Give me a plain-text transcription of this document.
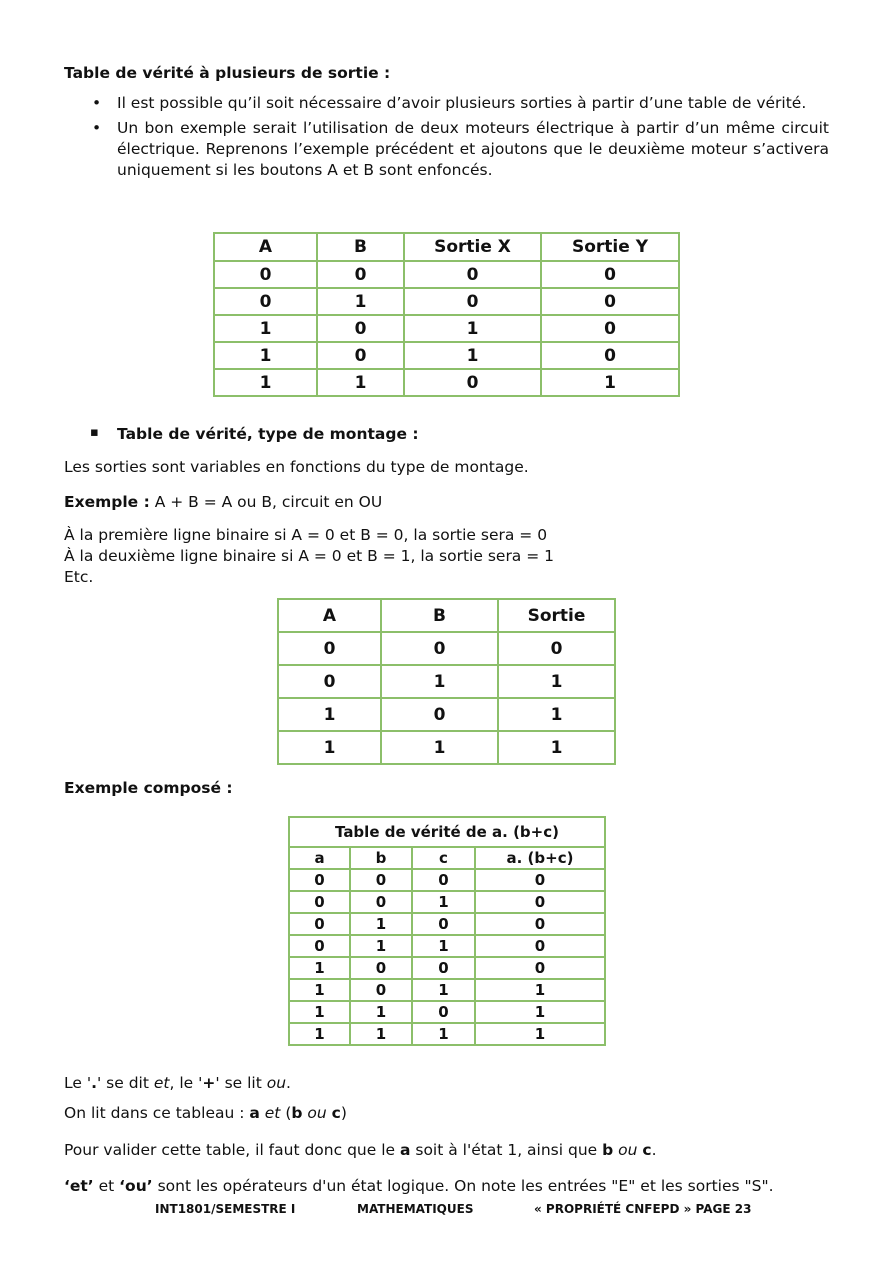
Table de vérité à plusieurs de sortie :
• Il est possible qu’il soit nécessaire d’avoir plusieurs sorties à partir d’une table de vérité.
• Un bon exemple serait l’utilisation de deux moteurs électrique à partir d’un même circuit électrique. Reprenons l’exemple précédent et ajoutons que le deuxième moteur s’activera uniquement si les boutons A et B sont enfoncés.
A	B	Sortie X	Sortie Y
0	0	0	0
0	1	0	0
1	0	1	0
1	0	1	0
1	1	0	1
▪ Table de vérité, type de montage :
Les sorties sont variables en fonctions du type de montage.
Exemple : A + B = A ou B, circuit en OU
À la première ligne binaire si A = 0 et B = 0, la sortie sera = 0
À la deuxième ligne binaire si A = 0 et B = 1, la sortie sera = 1
Etc.
A	B	Sortie
0	0	0
0	1	1
1	0	1
1	1	1
Exemple composé :
Table de vérité de a. (b+c)			
a	b	c	a. (b+c)
0	0	0	0
0	0	1	0
0	1	0	0
0	1	1	0
1	0	0	0
1	0	1	1
1	1	0	1
1	1	1	1
Le '.' se dit et, le '+' se lit ou.
On lit dans ce tableau : a et (b ou c)
Pour valider cette table, il faut donc que le a soit à l'état 1, ainsi que b ou c.
‘et’ et ‘ou’ sont les opérateurs d'un état logique. On note les entrées "E" et les sorties "S".
INT1801/SEMESTRE I	MATHEMATIQUES	« PROPRIÉTÉ CNFEPD » PAGE 23
